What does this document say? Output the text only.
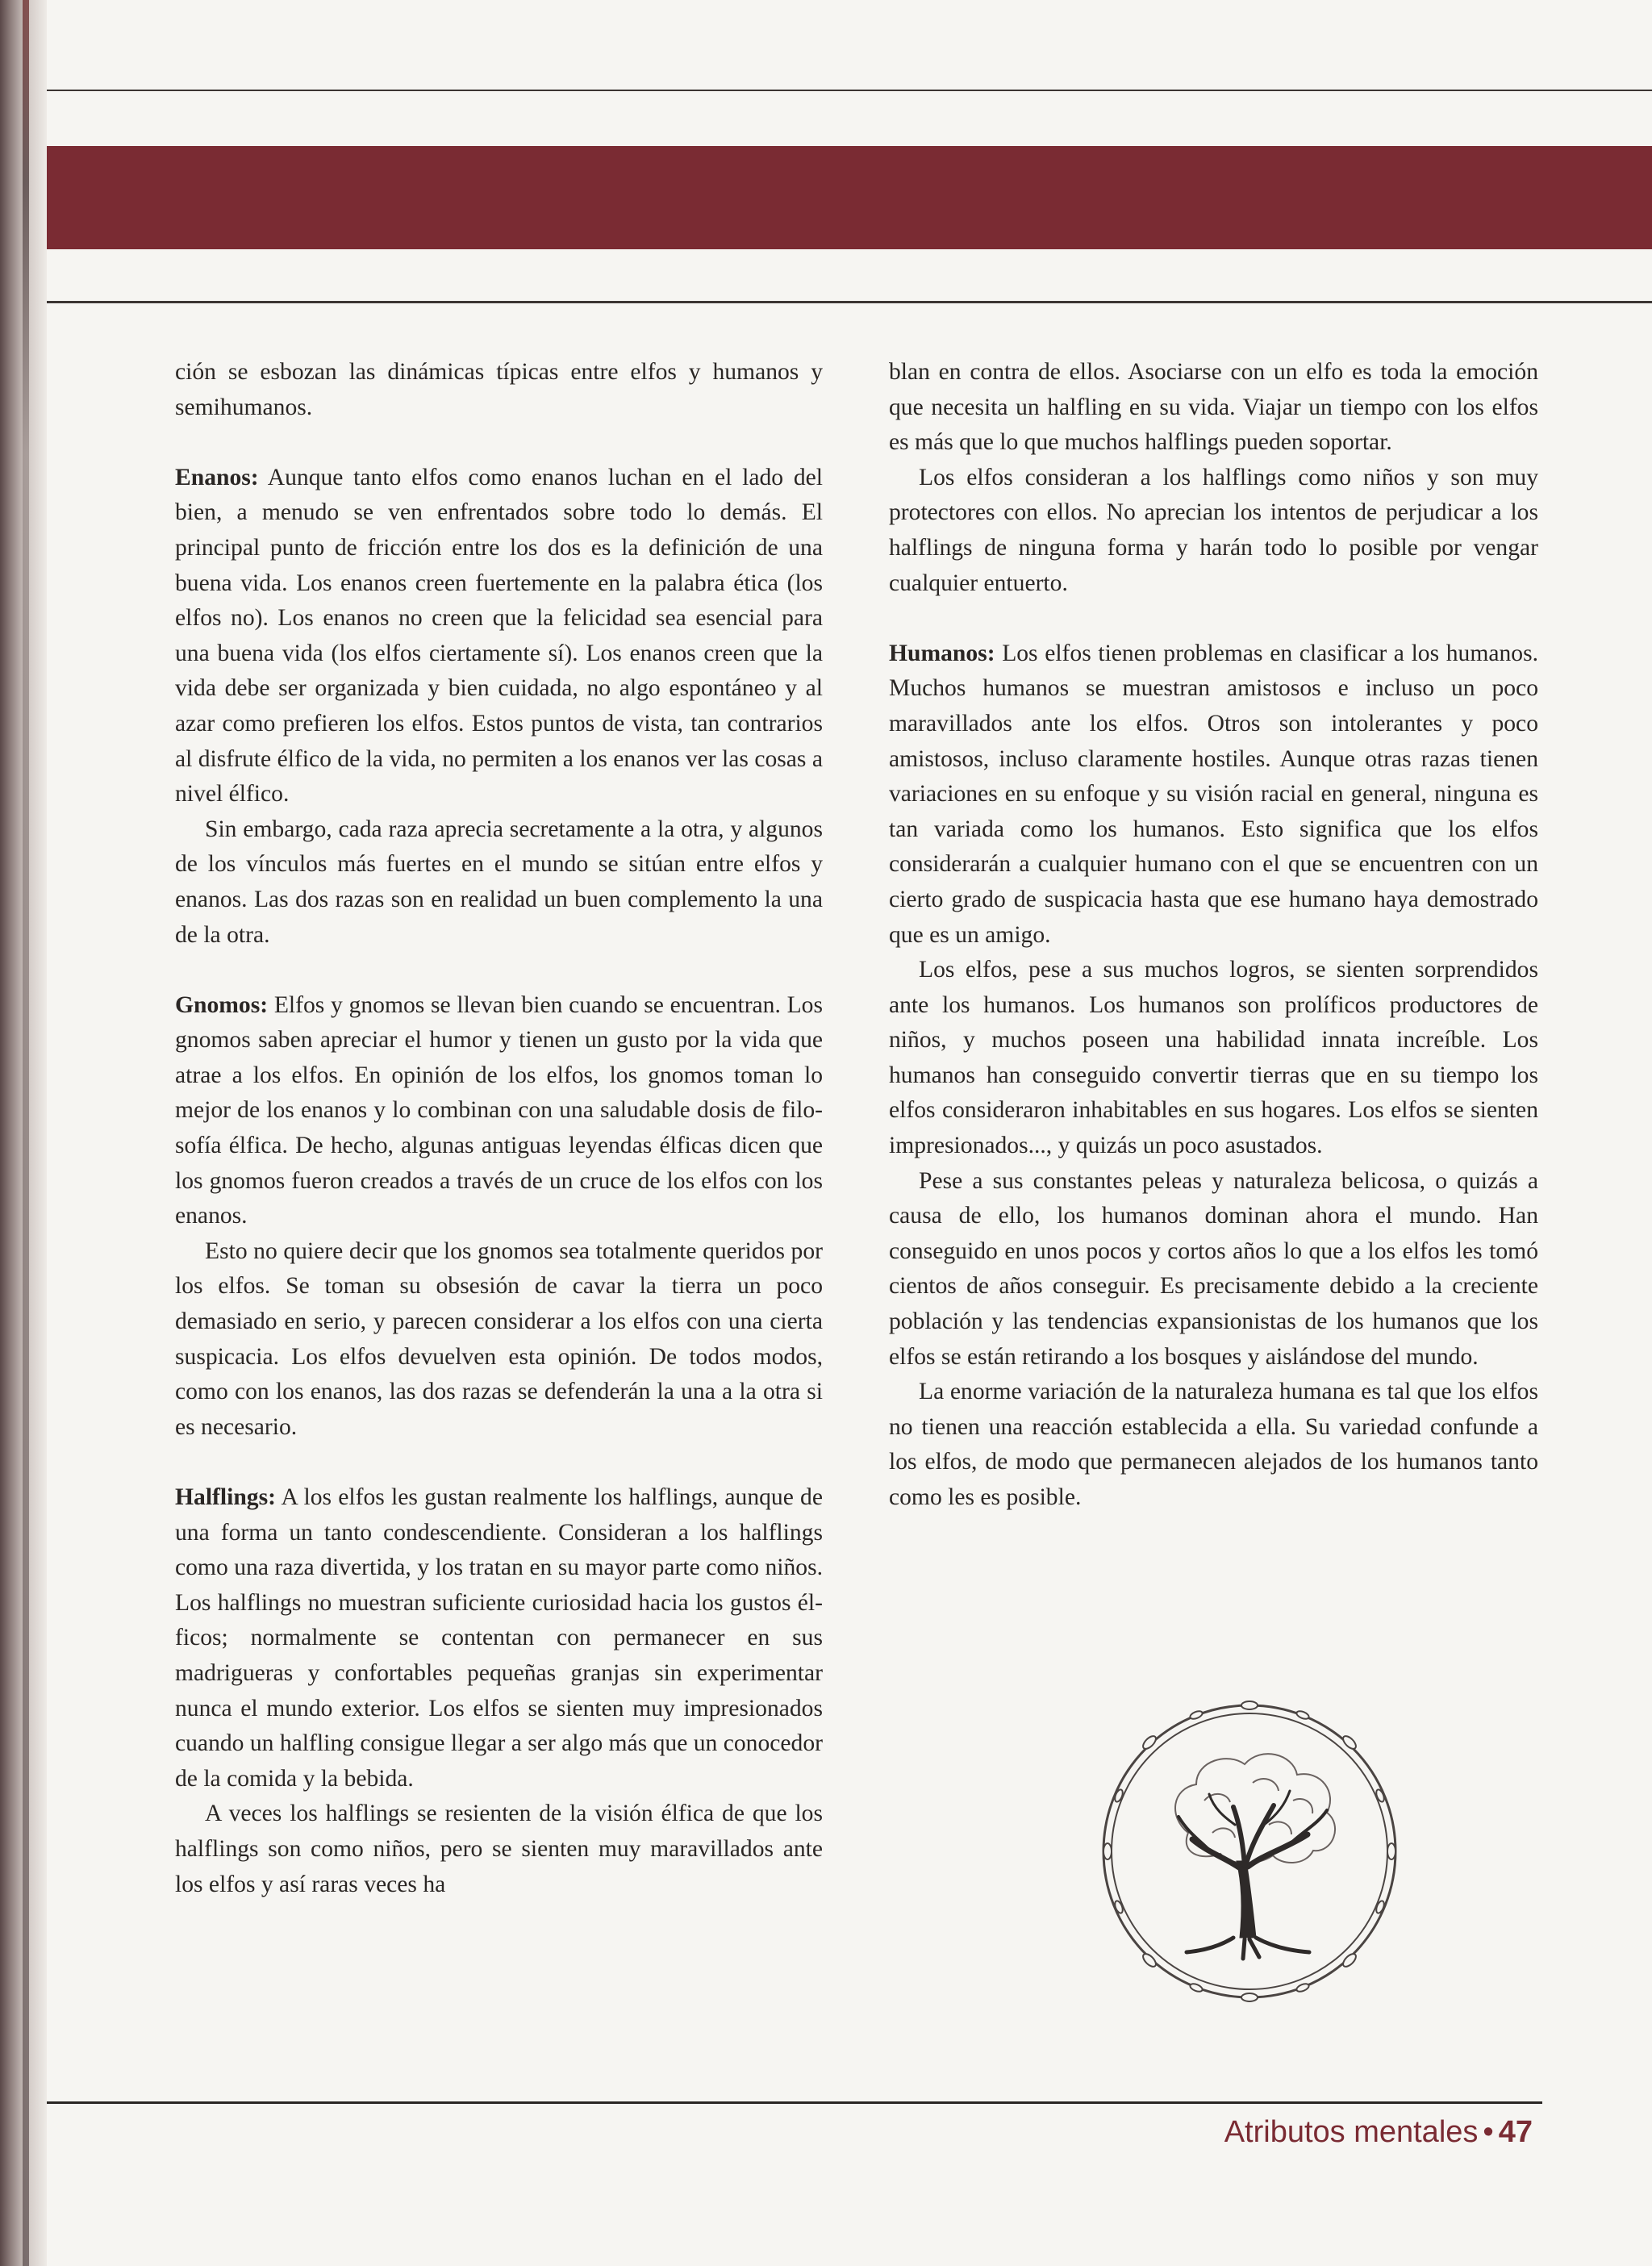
ción se esbozan las dinámicas típicas entre elfos y humanos y semihumanos.

Enanos: Aunque tanto elfos como enanos luchan en el lado del bien, a menudo se ven enfrentados sobre todo lo demás. El principal punto de fricción entre los dos es la definición de una buena vida. Los enanos creen fuertemente en la palabra ética (los elfos no). Los enanos no creen que la felicidad sea esencial para una buena vida (los elfos ciertamente sí). Los enanos creen que la vida debe ser organizada y bien cuidada, no algo espontáneo y al azar como prefieren los elfos. Estos puntos de vista, tan contrarios al disfrute élfico de la vida, no permiten a los enanos ver las cosas a nivel élfico.

Sin embargo, cada raza aprecia secretamente a la otra, y algunos de los vínculos más fuertes en el mundo se sitúan entre elfos y enanos. Las dos razas son en realidad un buen complemento la una de la otra.

Gnomos: Elfos y gnomos se llevan bien cuando se encuentran. Los gnomos saben apreciar el humor y tienen un gusto por la vida que atrae a los elfos. En opinión de los elfos, los gnomos toman lo mejor de los enanos y lo combinan con una saludable dosis de filosofía élfica. De hecho, algunas antiguas leyendas élficas dicen que los gnomos fueron creados a través de un cruce de los elfos con los enanos.

Esto no quiere decir que los gnomos sea totalmente queridos por los elfos. Se toman su obsesión de cavar la tierra un poco demasiado en serio, y parecen considerar a los elfos con una cierta suspicacia. Los elfos devuelven esta opinión. De todos modos, como con los enanos, las dos razas se defenderán la una a la otra si es necesario.

Halflings: A los elfos les gustan realmente los halflings, aunque de una forma un tanto condescendiente. Consideran a los halflings como una raza divertida, y los tratan en su mayor parte como niños. Los halflings no muestran suficiente curiosidad hacia los gustos élficos; normalmente se contentan con permanecer en sus madrigueras y confortables pequeñas granjas sin experimentar nunca el mundo exterior. Los elfos se sienten muy impresionados cuando un halfling consigue llegar a ser algo más que un conocedor de la comida y la bebida.

A veces los halflings se resienten de la visión élfica de que los halflings son como niños, pero se sienten muy maravillados ante los elfos y así raras veces ha

blan en contra de ellos. Asociarse con un elfo es toda la emoción que necesita un halfling en su vida. Viajar un tiempo con los elfos es más que lo que muchos halflings pueden soportar.

Los elfos consideran a los halflings como niños y son muy protectores con ellos. No aprecian los intentos de perjudicar a los halflings de ninguna forma y harán todo lo posible por vengar cualquier entuerto.

Humanos: Los elfos tienen problemas en clasificar a los humanos. Muchos humanos se muestran amistosos e incluso un poco maravillados ante los elfos. Otros son intolerantes y poco amistosos, incluso claramente hostiles. Aunque otras razas tienen variaciones en su enfoque y su visión racial en general, ninguna es tan variada como los humanos. Esto significa que los elfos considerarán a cualquier humano con el que se encuentren con un cierto grado de suspicacia hasta que ese humano haya demostrado que es un amigo.

Los elfos, pese a sus muchos logros, se sienten sorprendidos ante los humanos. Los humanos son prolíficos productores de niños, y muchos poseen una habilidad innata increíble. Los humanos han conseguido convertir tierras que en su tiempo los elfos consideraron inhabitables en sus hogares. Los elfos se sienten impresionados..., y quizás un poco asustados.

Pese a sus constantes peleas y naturaleza belicosa, o quizás a causa de ello, los humanos dominan ahora el mundo. Han conseguido en unos pocos y cortos años lo que a los elfos les tomó cientos de años conseguir. Es precisamente debido a la creciente población y las tendencias expansionistas de los humanos que los elfos se están retirando a los bosques y aislándose del mundo.

La enorme variación de la naturaleza humana es tal que los elfos no tienen una reacción establecida a ella. Su variedad confunde a los elfos, de modo que permanecen alejados de los humanos tanto como les es posible.

Atributos mentales • 47
